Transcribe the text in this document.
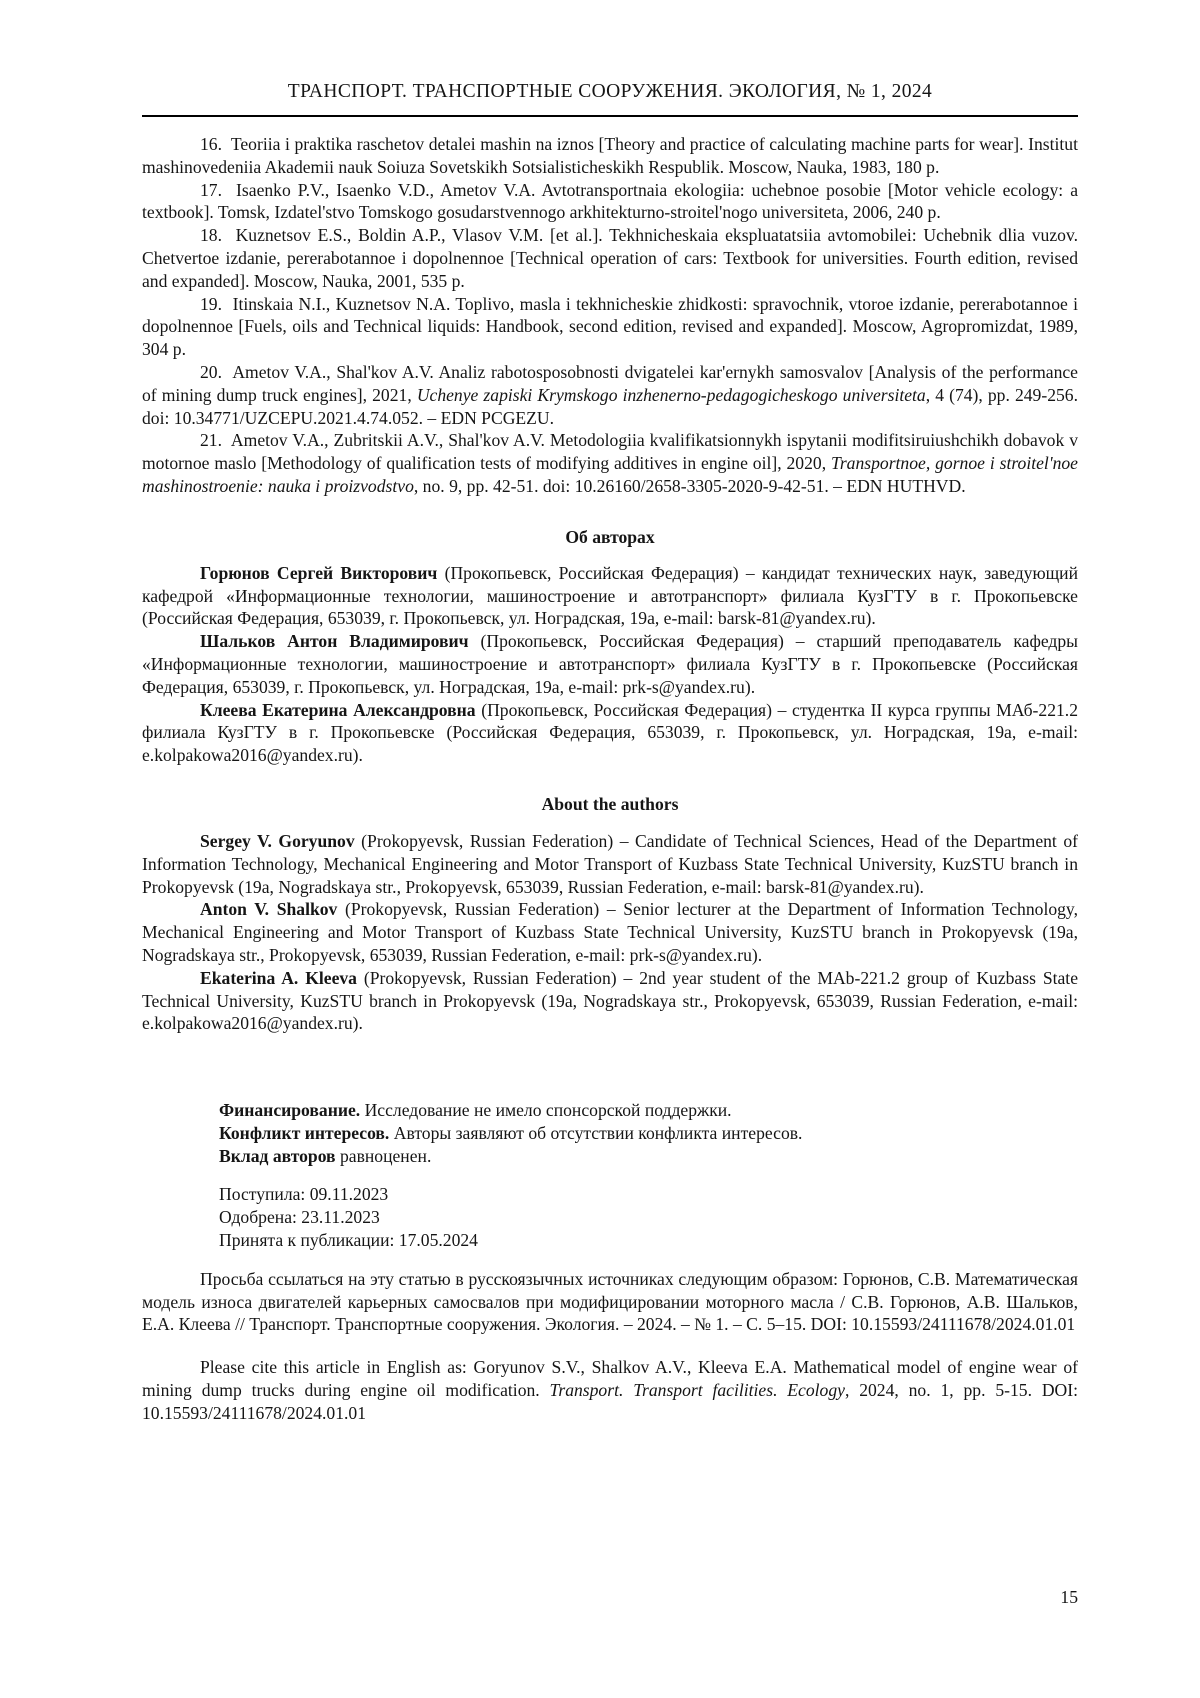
ТРАНСПОРТ. ТРАНСПОРТНЫЕ СООРУЖЕНИЯ. ЭКОЛОГИЯ, № 1, 2024

16.  Teoriia i praktika raschetov detalei mashin na iznos [Theory and practice of calculating machine parts for wear]. Institut mashinovedeniia Akademii nauk Soiuza Sovetskikh Sotsialisticheskikh Respublik. Moscow, Nauka, 1983, 180 p.

17.  Isaenko P.V., Isaenko V.D., Ametov V.A. Avtotransportnaia ekologiia: uchebnoe posobie [Motor vehicle ecology: a textbook]. Tomsk, Izdatel'stvo Tomskogo gosudarstvennogo arkhitekturno-stroitel'nogo universiteta, 2006, 240 p.

18.  Kuznetsov E.S., Boldin A.P., Vlasov V.M. [et al.]. Tekhnicheskaia ekspluatatsiia avtomobilei: Uchebnik dlia vuzov. Chetvertoe izdanie, pererabotannoe i dopolnennoe [Technical operation of cars: Textbook for universities. Fourth edition, revised and expanded]. Moscow, Nauka, 2001, 535 p.

19.  Itinskaia N.I., Kuznetsov N.A. Toplivo, masla i tekhnicheskie zhidkosti: spravochnik, vtoroe izdanie, pererabotannoe i dopolnennoe [Fuels, oils and Technical liquids: Handbook, second edition, revised and expanded]. Moscow, Agropromizdat, 1989, 304 p.

20.  Ametov V.A., Shal'kov A.V. Analiz rabotosposobnosti dvigatelei kar'ernykh samosvalov [Analysis of the performance of mining dump truck engines], 2021, Uchenye zapiski Krymskogo inzhenerno-pedagogicheskogo universiteta, 4 (74), pp. 249-256. doi: 10.34771/UZCEPU.2021.4.74.052. – EDN PCGEZU.

21.  Ametov V.A., Zubritskii A.V., Shal'kov A.V. Metodologiia kvalifikatsionnykh ispytanii modifitsiruiushchikh dobavok v motornoe maslo [Methodology of qualification tests of modifying additives in engine oil], 2020, Transportnoe, gornoe i stroitel'noe mashinostroenie: nauka i proizvodstvo, no. 9, pp. 42-51. doi: 10.26160/2658-3305-2020-9-42-51. – EDN HUTHVD.

Об авторах

Горюнов Сергей Викторович (Прокопьевск, Российская Федерация) – кандидат технических наук, заведующий кафедрой «Информационные технологии, машиностроение и автотранспорт» филиала КузГТУ в г. Прокопьевске (Российская Федерация, 653039, г. Прокопьевск, ул. Ноградская, 19а, e-mail: barsk-81@yandex.ru).

Шальков Антон Владимирович (Прокопьевск, Российская Федерация) – старший преподаватель кафедры «Информационные технологии, машиностроение и автотранспорт» филиала КузГТУ в г. Прокопьевске (Российская Федерация, 653039, г. Прокопьевск, ул. Ноградская, 19а, e-mail: prk-s@yandex.ru).

Клеева Екатерина Александровна (Прокопьевск, Российская Федерация) – студентка II курса группы МАб-221.2 филиала КузГТУ в г. Прокопьевске (Российская Федерация, 653039, г. Прокопьевск, ул. Ноградская, 19а, e-mail: e.kolpakowa2016@yandex.ru).

About the authors

Sergey V. Goryunov (Prokopyevsk, Russian Federation) – Candidate of Technical Sciences, Head of the Department of Information Technology, Mechanical Engineering and Motor Transport of Kuzbass State Technical University, KuzSTU branch in Prokopyevsk (19a, Nogradskaya str., Prokopyevsk, 653039, Russian Federation, e-mail: barsk-81@yandex.ru).

Anton V. Shalkov (Prokopyevsk, Russian Federation) – Senior lecturer at the Department of Information Technology, Mechanical Engineering and Motor Transport of Kuzbass State Technical University, KuzSTU branch in Prokopyevsk (19a, Nogradskaya str., Prokopyevsk, 653039, Russian Federation, e-mail: prk-s@yandex.ru).

Ekaterina A. Kleeva (Prokopyevsk, Russian Federation) – 2nd year student of the MAb-221.2 group of Kuzbass State Technical University, KuzSTU branch in Prokopyevsk (19a, Nogradskaya str., Prokopyevsk, 653039, Russian Federation, e-mail: e.kolpakowa2016@yandex.ru).

Финансирование. Исследование не имело спонсорской поддержки.

Конфликт интересов. Авторы заявляют об отсутствии конфликта интересов.

Вклад авторов равноценен.

Поступила: 09.11.2023

Одобрена: 23.11.2023

Принята к публикации: 17.05.2024

Просьба ссылаться на эту статью в русскоязычных источниках следующим образом: Горюнов, С.В. Математическая модель износа двигателей карьерных самосвалов при модифицировании моторного масла / С.В. Горюнов, А.В. Шальков, Е.А. Клеева // Транспорт. Транспортные сооружения. Экология. – 2024. – № 1. – С. 5–15. DOI: 10.15593/24111678/2024.01.01

Please cite this article in English as: Goryunov S.V., Shalkov A.V., Kleeva E.A. Mathematical model of engine wear of mining dump trucks during engine oil modification. Transport. Transport facilities. Ecology, 2024, no. 1, pp. 5-15. DOI: 10.15593/24111678/2024.01.01

15
